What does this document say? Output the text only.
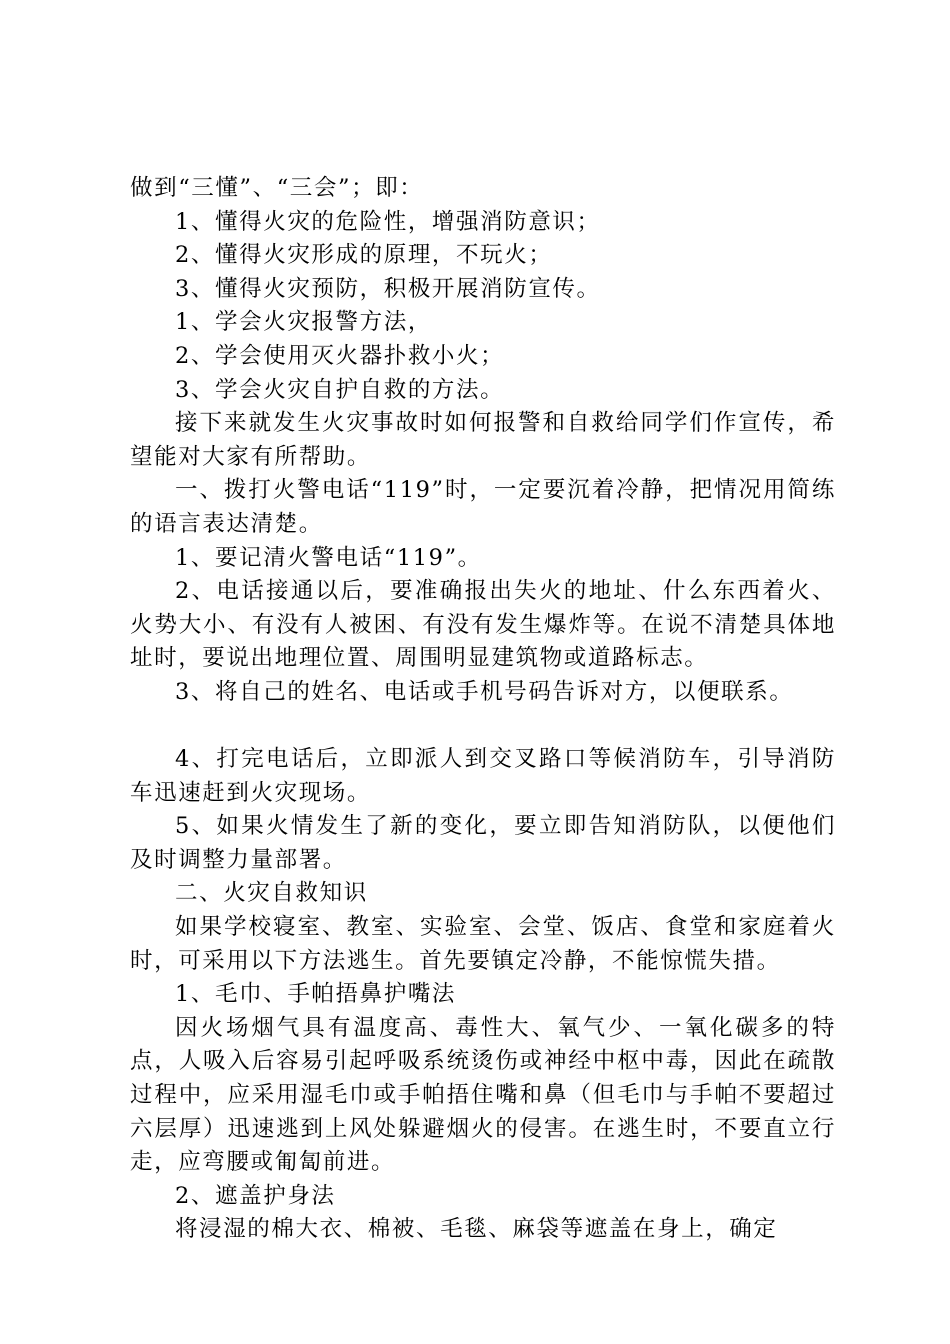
做到“三懂”、“三会”；即：

1、懂得火灾的危险性，增强消防意识；

2、懂得火灾形成的原理，不玩火；

3、懂得火灾预防，积极开展消防宣传。

1、学会火灾报警方法，

2、学会使用灭火器扑救小火；

3、学会火灾自护自救的方法。

接下来就发生火灾事故时如何报警和自救给同学们作宣传，希望能对大家有所帮助。

一、拨打火警电话“119”时，一定要沉着冷静，把情况用简练的语言表达清楚。

1、要记清火警电话“119”。

2、电话接通以后，要准确报出失火的地址、什么东西着火、火势大小、有没有人被困、有没有发生爆炸等。在说不清楚具体地址时，要说出地理位置、周围明显建筑物或道路标志。

3、将自己的姓名、电话或手机号码告诉对方，以便联系。

4、打完电话后，立即派人到交叉路口等候消防车，引导消防车迅速赶到火灾现场。

5、如果火情发生了新的变化，要立即告知消防队，以便他们及时调整力量部署。

二、火灾自救知识

如果学校寝室、教室、实验室、会堂、饭店、食堂和家庭着火时，可采用以下方法逃生。首先要镇定冷静，不能惊慌失措。

1、毛巾、手帕捂鼻护嘴法

因火场烟气具有温度高、毒性大、氧气少、一氧化碳多的特点，人吸入后容易引起呼吸系统烫伤或神经中枢中毒，因此在疏散过程中，应采用湿毛巾或手帕捂住嘴和鼻（但毛巾与手帕不要超过六层厚）迅速逃到上风处躲避烟火的侵害。在逃生时，不要直立行走，应弯腰或匍匐前进。

2、遮盖护身法

将浸湿的棉大衣、棉被、毛毯、麻袋等遮盖在身上，确定
